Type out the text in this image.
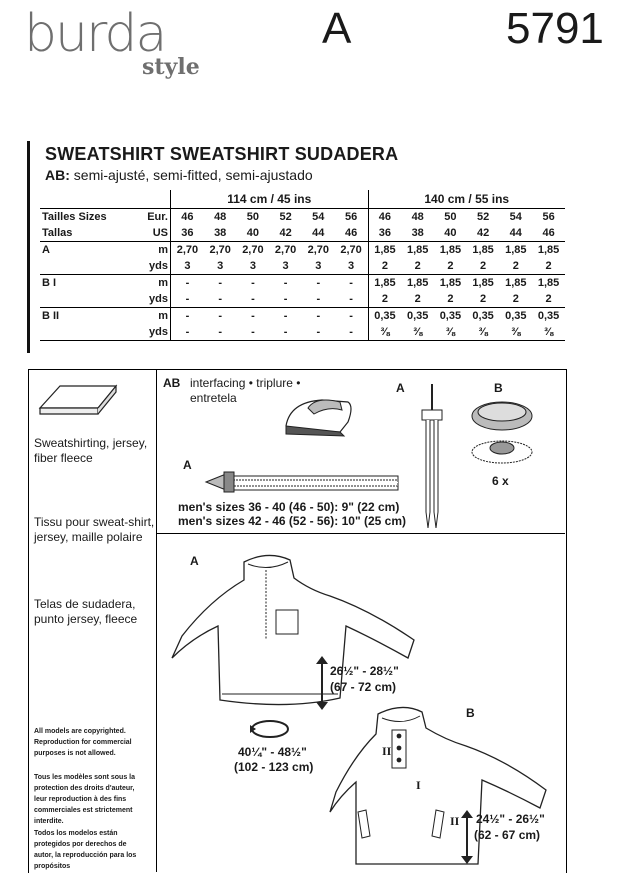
burda
style
A	5791
SWEATSHIRT SWEATSHIRT SUDADERA
AB: semi-ajusté, semi-fitted, semi-ajustado
		114 cm / 45 ins						140 cm / 55 ins					
Tailles Sizes	Eur.	46	48	50	52	54	56	46	48	50	52	54	56
Tallas	US	36	38	40	42	44	46	36	38	40	42	44	46
A	m	2,70	2,70	2,70	2,70	2,70	2,70	1,85	1,85	1,85	1,85	1,85	1,85
	yds	3	3	3	3	3	3	2	2	2	2	2	2
B I	m	-	-	-	-	-	-	1,85	1,85	1,85	1,85	1,85	1,85
	yds	-	-	-	-	-	-	2	2	2	2	2	2
B II	m	-	-	-	-	-	-	0,35	0,35	0,35	0,35	0,35	0,35
	yds	-	-	-	-	-	-	⅜	⅜	⅜	⅜	⅜	⅜
Sweatshirting, jersey, fiber fleece
Tissu pour sweat-shirt, jersey, maille polaire
Telas de sudadera, punto jersey, fleece
All models are copyrighted. Reproduction for commercial purposes is not allowed.
Tous les modèles sont sous la protection des droits d'auteur, leur reproduction à des fins commerciales est strictement interdite.
Todos los modelos están protegidos por derechos de autor, la reproducción para los propósitos
AB interfacing • triplure •
entretela
A
men's sizes 36 - 40 (46 - 50): 9" (22 cm)
men's sizes 42 - 46 (52 - 56): 10" (25 cm)
A	B
6 x
A
26½" - 28½"
(67 - 72 cm)
40¼" - 48½"
(102 - 123 cm)
B
II
I
II 24½" - 26½"
(62 - 67 cm)
